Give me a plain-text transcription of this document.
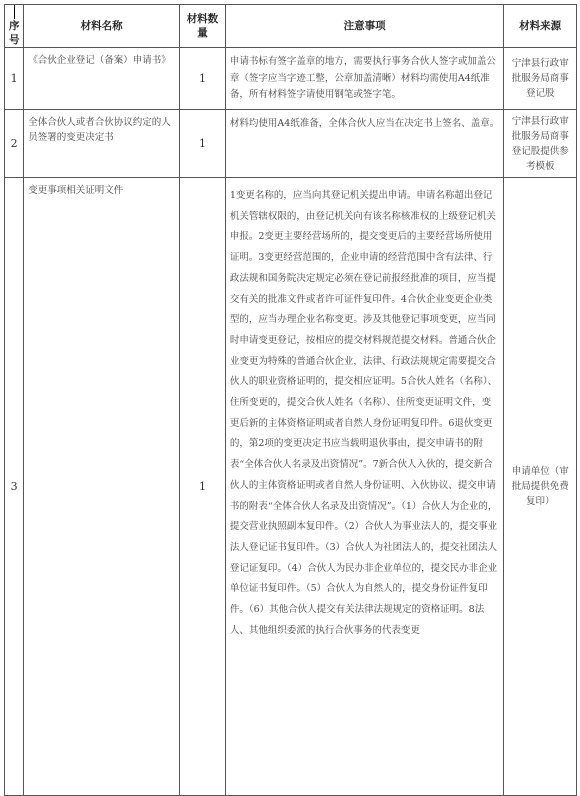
序号	材料名称	材料数量	注意事项	材料来源
1	《合伙企业登记（备案）申请书》	1	申请书标有签字盖章的地方，需要执行事务合伙人签字或加盖公章（签字应当字迹工整，公章加盖清晰）材料均需使用A4纸准备，所有材料签字请使用钢笔或签字笔。	宁津县行政审批服务局商事登记股
2	全体合伙人或者合伙协议约定的人员签署的变更决定书	1	材料均使用A4纸准备，全体合伙人应当在决定书上签名、盖章。	宁津县行政审批服务局商事登记股提供参考模板
3	变更事项相关证明文件	1	1变更名称的，应当向其登记机关提出申请。申请名称超出登记机关管辖权限的，由登记机关向有该名称核准权的上级登记机关申报。2变更主要经营场所的，提交变更后的主要经营场所使用证明。3变更经营范围的，企业申请的经营范围中含有法律、行政法规和国务院决定规定必须在登记前报经批准的项目，应当提交有关的批准文件或者许可证件复印件。4合伙企业变更企业类型的，应当办理企业名称变更。涉及其他登记事项变更，应当同时申请变更登记，按相应的提交材料规范提交材料。普通合伙企业变更为特殊的普通合伙企业，法律、行政法规规定需要提交合伙人的职业资格证明的，提交相应证明。5合伙人姓名（名称）、住所变更的，提交合伙人姓名（名称）、住所变更证明文件，变更后新的主体资格证明或者自然人身份证明复印件。6退伙变更的，第2项的变更决定书应当载明退伙事由，提交申请书的附表“全体合伙人名录及出资情况”。7新合伙人入伙的，提交新合伙人的主体资格证明或者自然人身份证明、入伙协议、提交申请书的附表“全体合伙人名录及出资情况”。（1）合伙人为企业的，提交营业执照副本复印件。（2）合伙人为事业法人的，提交事业法人登记证书复印件。（3）合伙人为社团法人的，提交社团法人登记证复印。（4）合伙人为民办非企业单位的，提交民办非企业单位证书复印件。（5）合伙人为自然人的，提交身份证件复印件。（6）其他合伙人提交有关法律法规规定的资格证明。8法人、其他组织委派的执行合伙事务的代表变更	申请单位（审批局提供免费复印）
